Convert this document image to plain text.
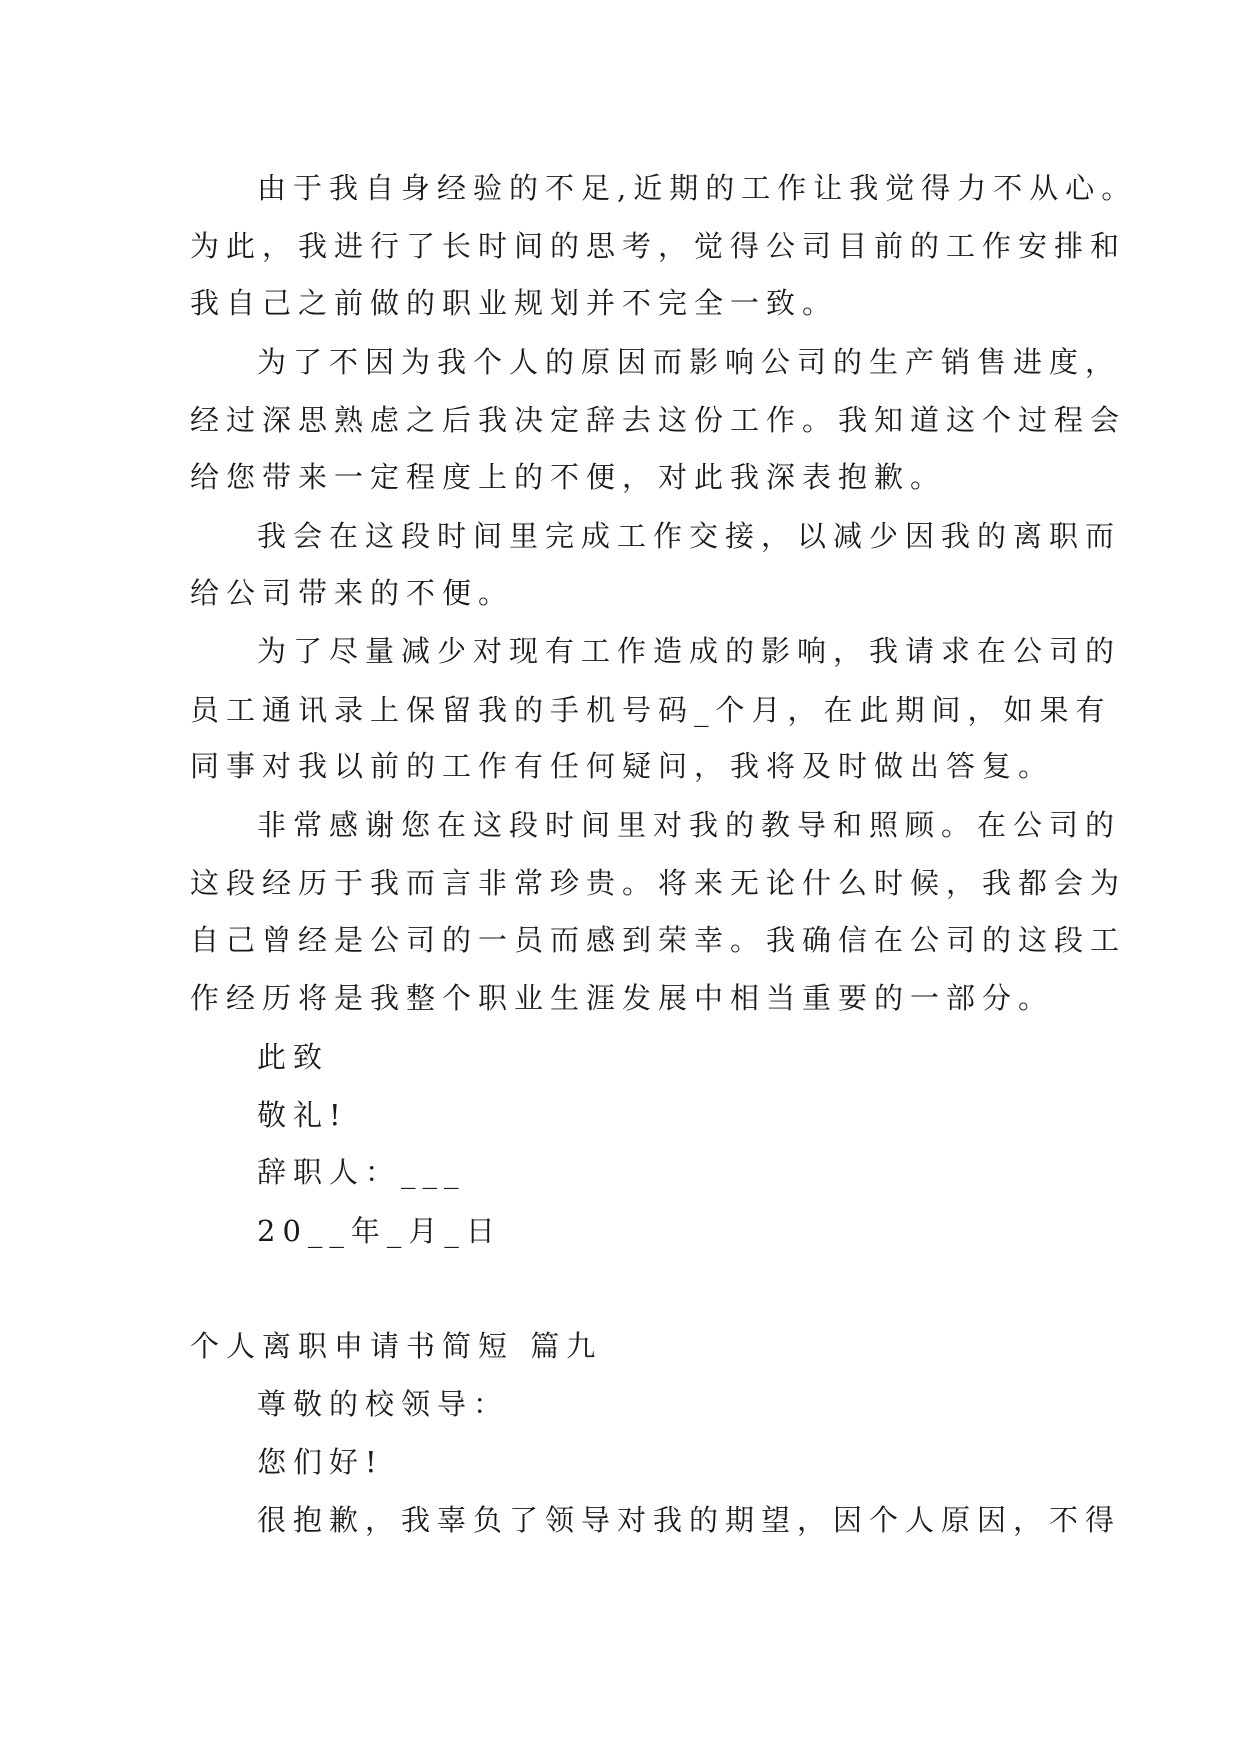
由于我自身经验的不足,近期的工作让我觉得力不从心。
为此，我进行了长时间的思考，觉得公司目前的工作安排和
我自己之前做的职业规划并不完全一致。
为了不因为我个人的原因而影响公司的生产销售进度，
经过深思熟虑之后我决定辞去这份工作。我知道这个过程会
给您带来一定程度上的不便，对此我深表抱歉。
我会在这段时间里完成工作交接，以减少因我的离职而
给公司带来的不便。
为了尽量减少对现有工作造成的影响，我请求在公司的
员工通讯录上保留我的手机号码_个月，在此期间，如果有
同事对我以前的工作有任何疑问，我将及时做出答复。
非常感谢您在这段时间里对我的教导和照顾。在公司的
这段经历于我而言非常珍贵。将来无论什么时候，我都会为
自己曾经是公司的一员而感到荣幸。我确信在公司的这段工
作经历将是我整个职业生涯发展中相当重要的一部分。
此致
敬礼!
辞职人：___
20__年_月_日
个人离职申请书简短 篇九
尊敬的校领导：
您们好!
很抱歉，我辜负了领导对我的期望，因个人原因，不得
